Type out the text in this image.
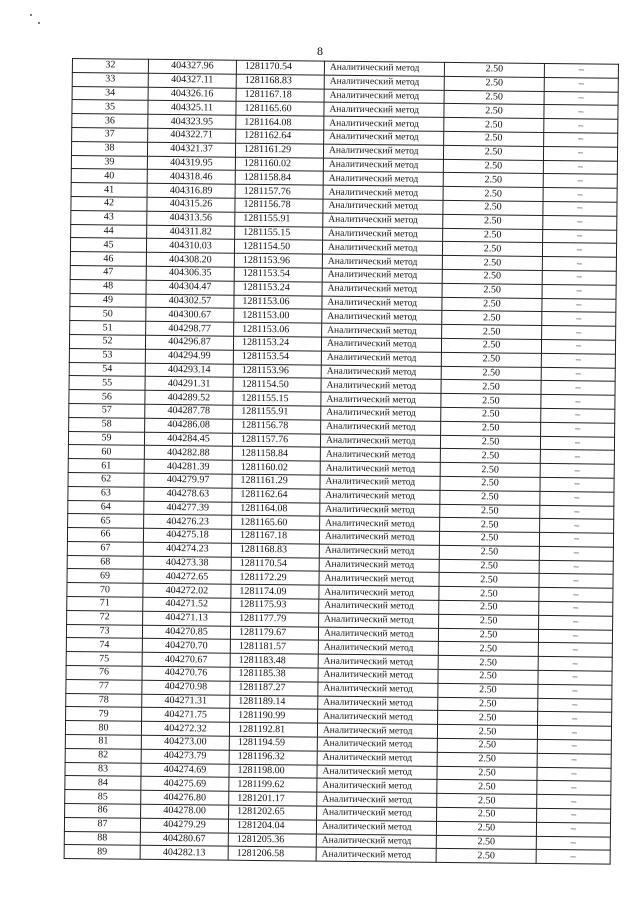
8
32	404327.96	1281170.54	Аналитический метод	2.50	–
33	404327.11	1281168.83	Аналитический метод	2.50	–
34	404326.16	1281167.18	Аналитический метод	2.50	–
35	404325.11	1281165.60	Аналитический метод	2.50	–
36	404323.95	1281164.08	Аналитический метод	2.50	–
37	404322.71	1281162.64	Аналитический метод	2.50	–
38	404321.37	1281161.29	Аналитический метод	2.50	–
39	404319.95	1281160.02	Аналитический метод	2.50	–
40	404318.46	1281158.84	Аналитический метод	2.50	–
41	404316.89	1281157.76	Аналитический метод	2.50	–
42	404315.26	1281156.78	Аналитический метод	2.50	–
43	404313.56	1281155.91	Аналитический метод	2.50	–
44	404311.82	1281155.15	Аналитический метод	2.50	–
45	404310.03	1281154.50	Аналитический метод	2.50	–
46	404308.20	1281153.96	Аналитический метод	2.50	–
47	404306.35	1281153.54	Аналитический метод	2.50	–
48	404304.47	1281153.24	Аналитический метод	2.50	–
49	404302.57	1281153.06	Аналитический метод	2.50	–
50	404300.67	1281153.00	Аналитический метод	2.50	–
51	404298.77	1281153.06	Аналитический метод	2.50	–
52	404296.87	1281153.24	Аналитический метод	2.50	–
53	404294.99	1281153.54	Аналитический метод	2.50	–
54	404293.14	1281153.96	Аналитический метод	2.50	–
55	404291.31	1281154.50	Аналитический метод	2.50	–
56	404289.52	1281155.15	Аналитический метод	2.50	–
57	404287.78	1281155.91	Аналитический метод	2.50	–
58	404286.08	1281156.78	Аналитический метод	2.50	–
59	404284.45	1281157.76	Аналитический метод	2.50	–
60	404282.88	1281158.84	Аналитический метод	2.50	–
61	404281.39	1281160.02	Аналитический метод	2.50	–
62	404279.97	1281161.29	Аналитический метод	2.50	–
63	404278.63	1281162.64	Аналитический метод	2.50	–
64	404277.39	1281164.08	Аналитический метод	2.50	–
65	404276.23	1281165.60	Аналитический метод	2.50	–
66	404275.18	1281167.18	Аналитический метод	2.50	–
67	404274.23	1281168.83	Аналитический метод	2.50	–
68	404273.38	1281170.54	Аналитический метод	2.50	–
69	404272.65	1281172.29	Аналитический метод	2.50	–
70	404272.02	1281174.09	Аналитический метод	2.50	–
71	404271.52	1281175.93	Аналитический метод	2.50	–
72	404271.13	1281177.79	Аналитический метод	2.50	–
73	404270.85	1281179.67	Аналитический метод	2.50	–
74	404270.70	1281181.57	Аналитический метод	2.50	–
75	404270.67	1281183.48	Аналитический метод	2.50	–
76	404270.76	1281185.38	Аналитический метод	2.50	–
77	404270.98	1281187.27	Аналитический метод	2.50	–
78	404271.31	1281189.14	Аналитический метод	2.50	–
79	404271.75	1281190.99	Аналитический метод	2.50	–
80	404272.32	1281192.81	Аналитический метод	2.50	–
81	404273.00	1281194.59	Аналитический метод	2.50	–
82	404273.79	1281196.32	Аналитический метод	2.50	–
83	404274.69	1281198.00	Аналитический метод	2.50	–
84	404275.69	1281199.62	Аналитический метод	2.50	–
85	404276.80	1281201.17	Аналитический метод	2.50	–
86	404278.00	1281202.65	Аналитический метод	2.50	–
87	404279.29	1281204.04	Аналитический метод	2.50	–
88	404280.67	1281205.36	Аналитический метод	2.50	–
89	404282.13	1281206.58	Аналитический метод	2.50	–
